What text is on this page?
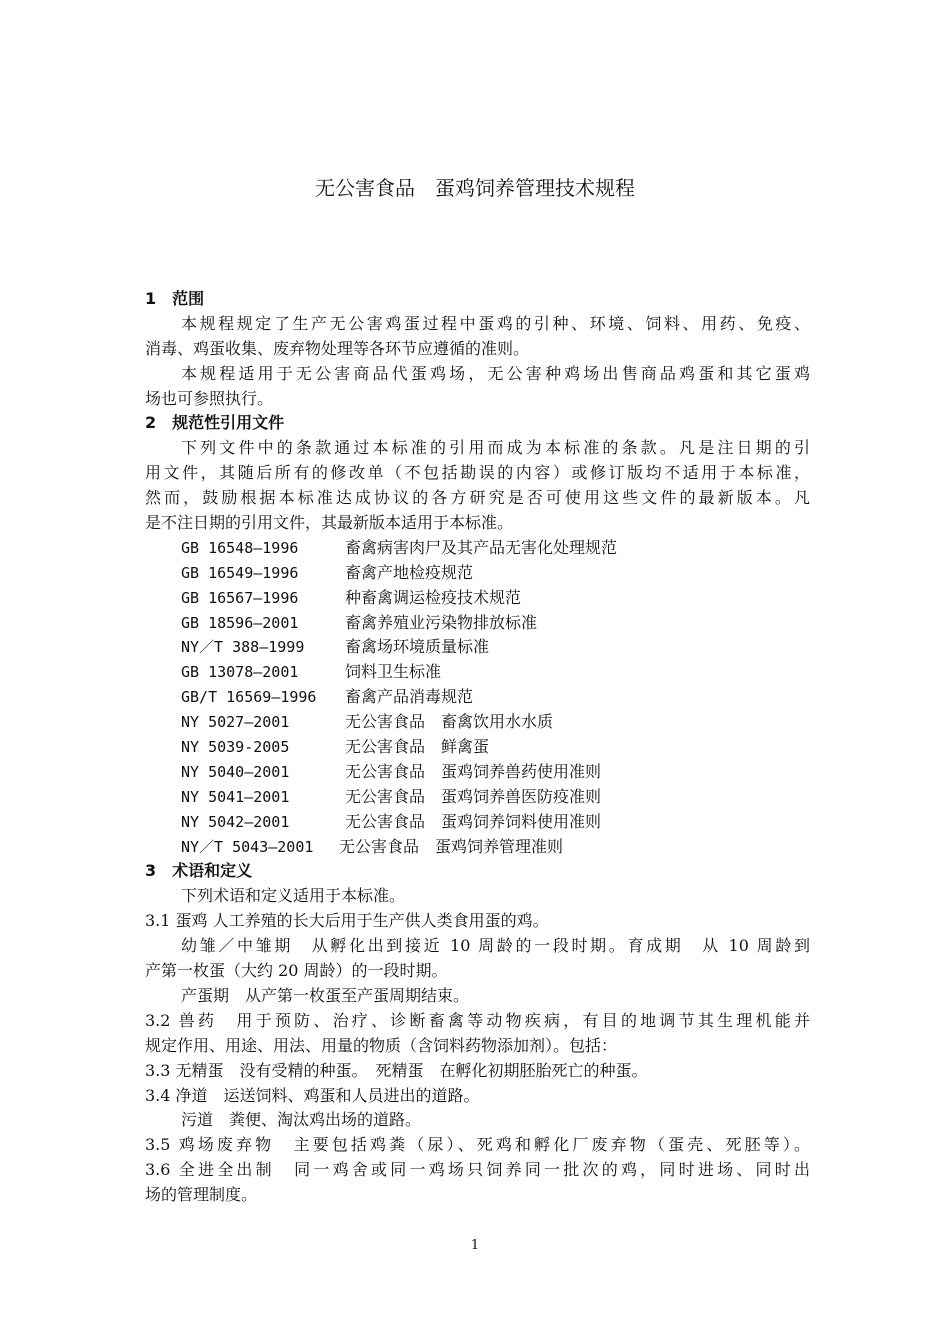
无公害食品　蛋鸡饲养管理技术规程
1　范围
本规程规定了生产无公害鸡蛋过程中蛋鸡的引种、环境、饲料、用药、免疫、
消毒、鸡蛋收集、废弃物处理等各环节应遵循的准则。
本规程适用于无公害商品代蛋鸡场，无公害种鸡场出售商品鸡蛋和其它蛋鸡
场也可参照执行。
2　规范性引用文件
下列文件中的条款通过本标准的引用而成为本标准的条款。凡是注日期的引
用文件，其随后所有的修改单（不包括勘误的内容）或修订版均不适用于本标准，
然而，鼓励根据本标准达成协议的各方研究是否可使用这些文件的最新版本。凡
是不注日期的引用文件，其最新版本适用于本标准。
GB 16548—1996	畜禽病害肉尸及其产品无害化处理规范
GB 16549—1996	畜禽产地检疫规范
GB 16567—1996	种畜禽调运检疫技术规范
GB 18596—2001	畜禽养殖业污染物排放标准
NY／T 388—1999	畜禽场环境质量标准
GB 13078—2001	饲料卫生标准
GB/T 16569—1996 畜禽产品消毒规范
NY 5027—2001	无公害食品　畜禽饮用水水质
NY 5039-2005	无公害食品　鲜禽蛋
NY 5040—2001	无公害食品　蛋鸡饲养兽药使用准则
NY 5041—2001	无公害食品　蛋鸡饲养兽医防疫准则
NY 5042—2001	无公害食品　蛋鸡饲养饲料使用准则
NY／T 5043—2001 无公害食品　蛋鸡饲养管理准则
3　术语和定义
下列术语和定义适用于本标准。
3.1 蛋鸡 人工养殖的长大后用于生产供人类食用蛋的鸡。
幼雏／中雏期　从孵化出到接近 10 周龄的一段时期。育成期　从 10 周龄到
产第一枚蛋（大约 20 周龄）的一段时期。
产蛋期　从产第一枚蛋至产蛋周期结束。
3.2 兽药　用于预防、治疗、诊断畜禽等动物疾病，有目的地调节其生理机能并
规定作用、用途、用法、用量的物质（含饲料药物添加剂）。包括：
3.3 无精蛋　没有受精的种蛋。　死精蛋　在孵化初期胚胎死亡的种蛋。
3.4 净道　运送饲料、鸡蛋和人员进出的道路。
污道　粪便、淘汰鸡出场的道路。
3.5 鸡场废弃物　主要包括鸡粪（尿）、死鸡和孵化厂废弃物（蛋壳、死胚等）。
3.6 全进全出制　同一鸡舍或同一鸡场只饲养同一批次的鸡，同时进场、同时出
场的管理制度。
1
